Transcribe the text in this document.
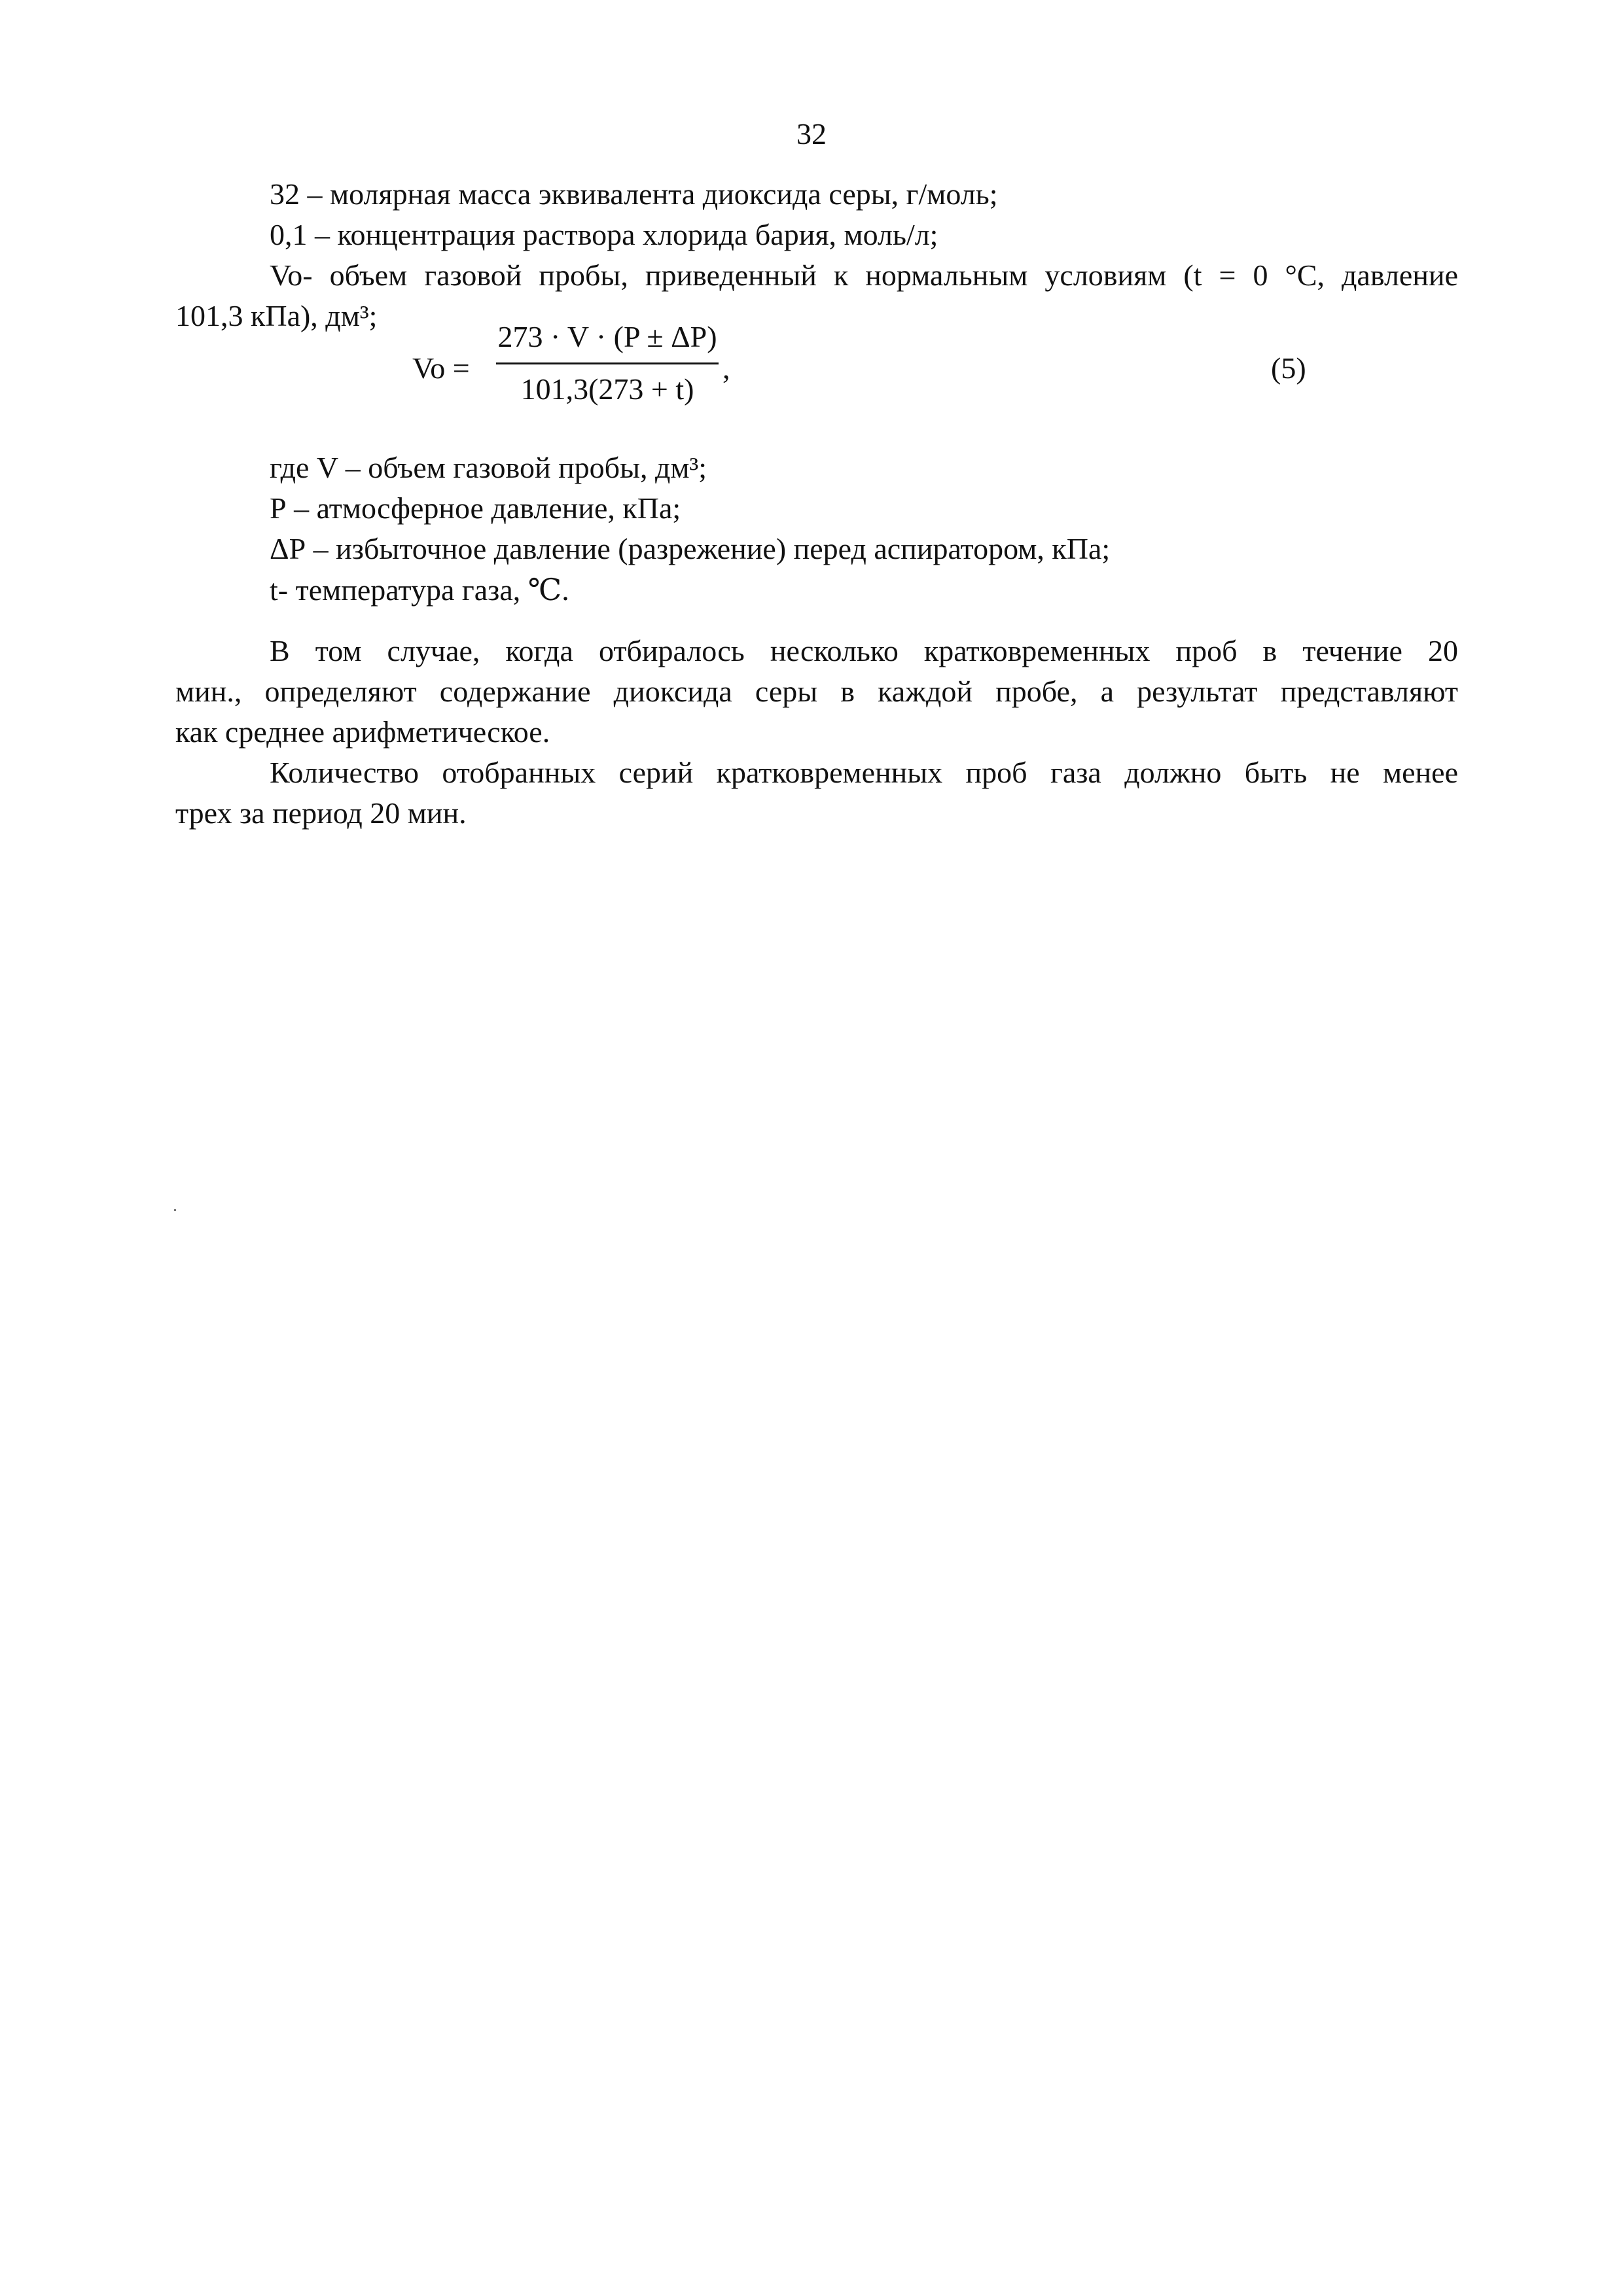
32
32 – молярная масса эквивалента диоксида серы, г/моль;
0,1 – концентрация раствора хлорида бария, моль/л;
Vo- объем газовой пробы, приведенный к нормальным условиям (t = 0 °С, давление
101,3 кПа), дм³;
Vo =
273 · V · (P ± ΔP)
101,3(273 + t)
,	(5)
где V – объем газовой пробы, дм³;
Р – атмосферное давление, кПа;
ΔР – избыточное давление (разрежение) перед аспиратором, кПа;
t- температура газа, ℃.
В том случае, когда отбиралось несколько кратковременных проб в течение 20
мин., определяют содержание диоксида серы в каждой пробе, а результат представляют
как среднее арифметическое.
Количество отобранных серий кратковременных проб газа должно быть не менее
трех за период 20 мин.
